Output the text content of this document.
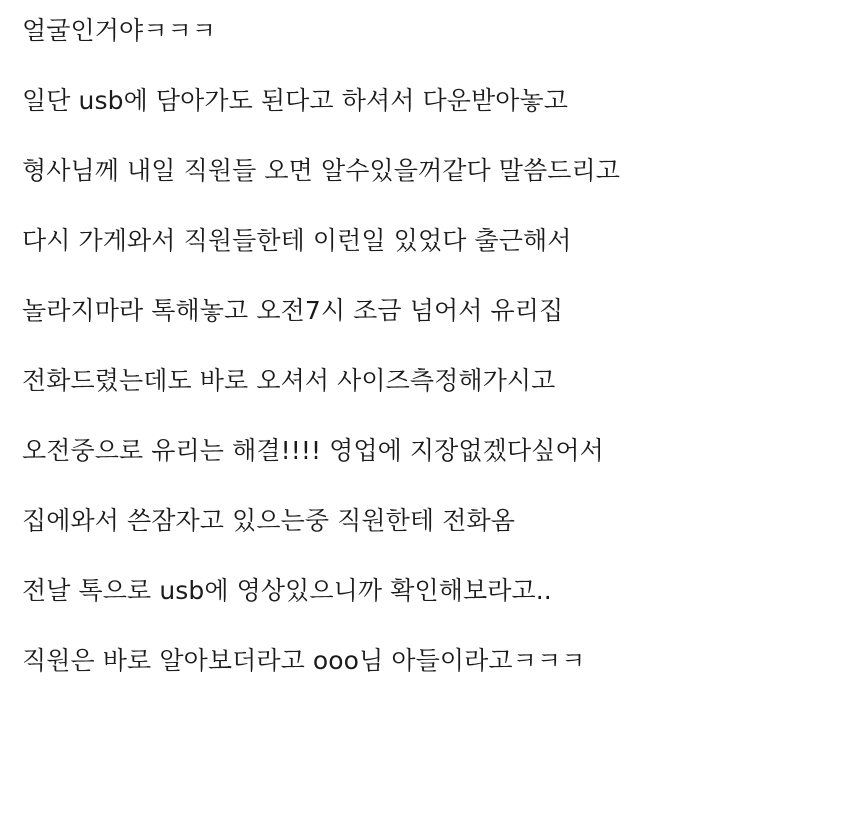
얼굴인거야ㅋㅋㅋ
일단 usb에 담아가도 된다고 하셔서 다운받아놓고
형사님께 내일 직원들 오면 알수있을꺼같다 말씀드리고
다시 가게와서 직원들한테 이런일 있었다 출근해서
놀라지마라 톡해놓고 오전7시 조금 넘어서 유리집
전화드렸는데도 바로 오셔서 사이즈측정해가시고
오전중으로 유리는 해결!!!! 영업에 지장없겠다싶어서
집에와서 쓴잠자고 있으는중 직원한테 전화옴
전날 톡으로 usb에 영상있으니까 확인해보라고..
직원은 바로 알아보더라고 ooo님 아들이라고ㅋㅋㅋ
